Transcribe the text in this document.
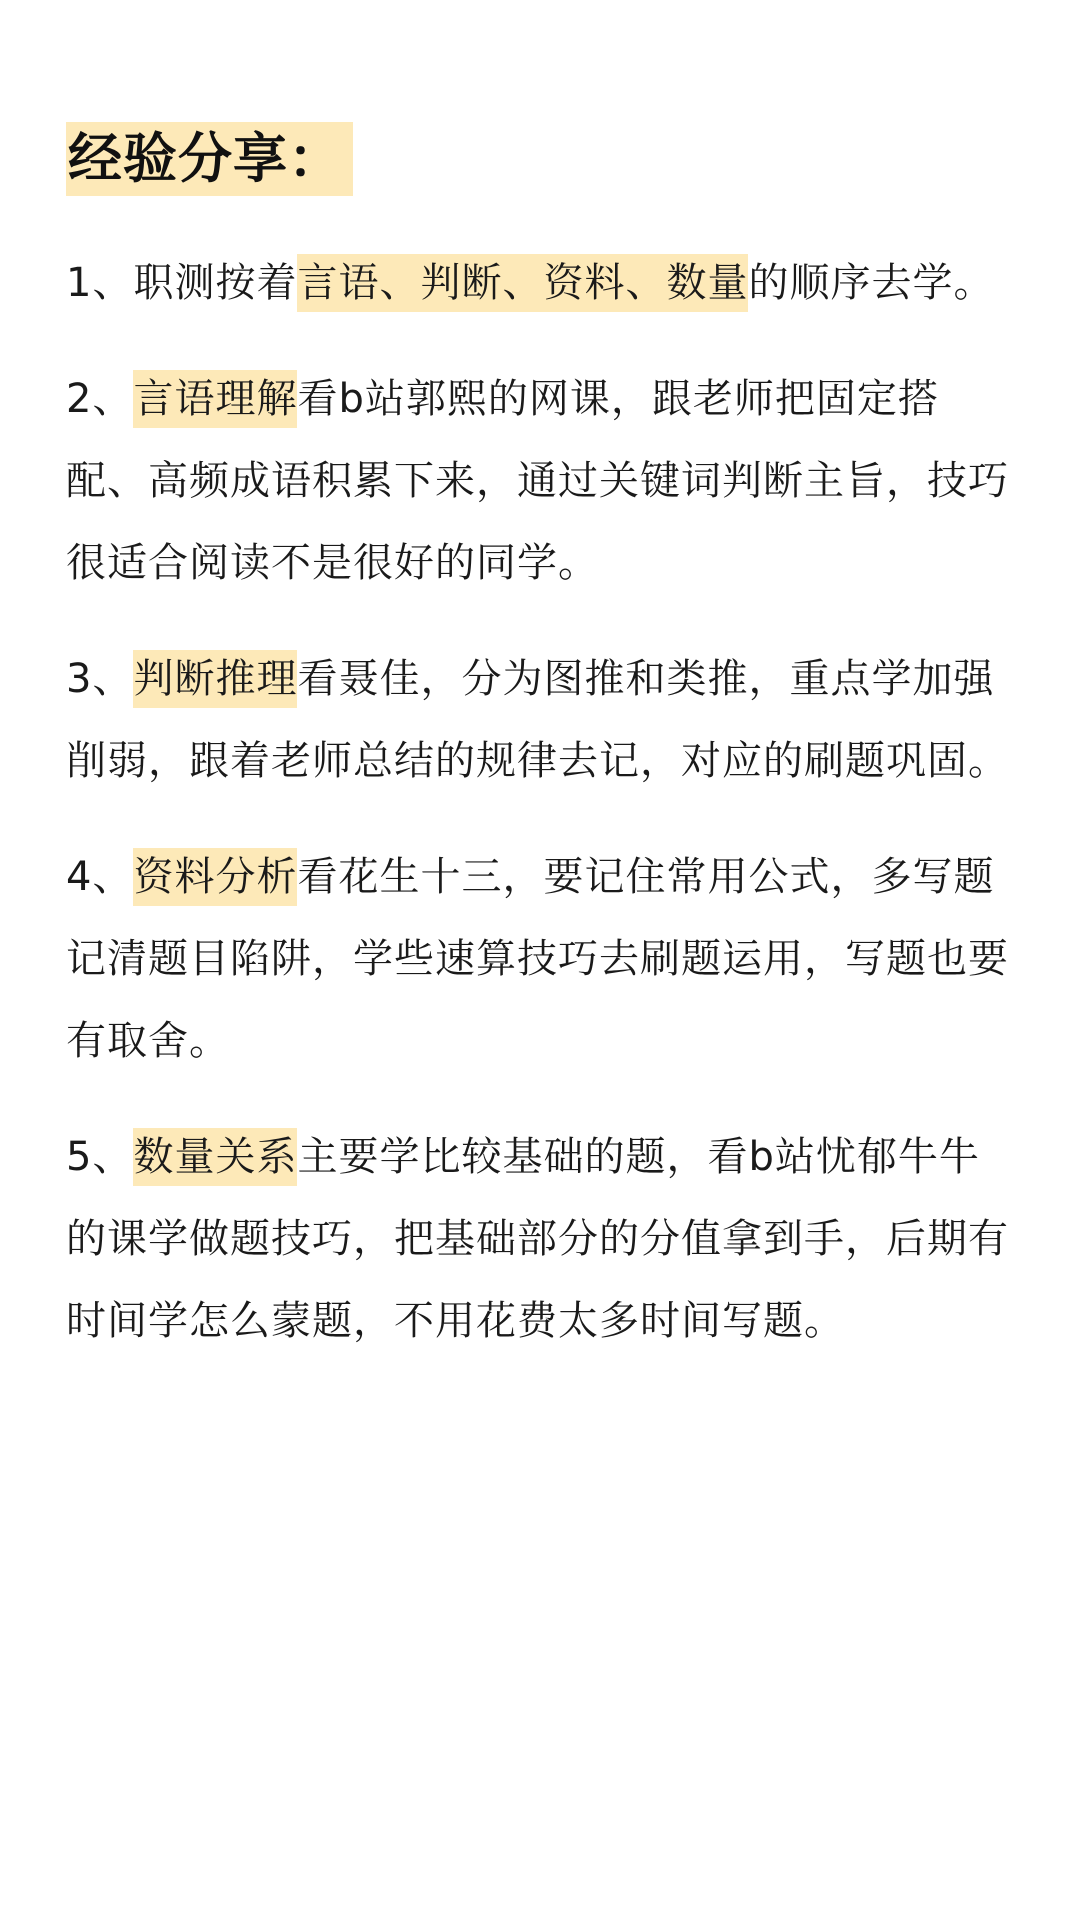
经验分享：

1、职测按着言语、判断、资料、数量的顺序去学。

2、言语理解看b站郭熙的网课，跟老师把固定搭配、高频成语积累下来，通过关键词判断主旨，技巧很适合阅读不是很好的同学。

3、判断推理看聂佳，分为图推和类推，重点学加强削弱，跟着老师总结的规律去记，对应的刷题巩固。

4、资料分析看花生十三，要记住常用公式，多写题记清题目陷阱，学些速算技巧去刷题运用，写题也要有取舍。

5、数量关系主要学比较基础的题，看b站忧郁牛牛的课学做题技巧，把基础部分的分值拿到手，后期有时间学怎么蒙题，不用花费太多时间写题。
